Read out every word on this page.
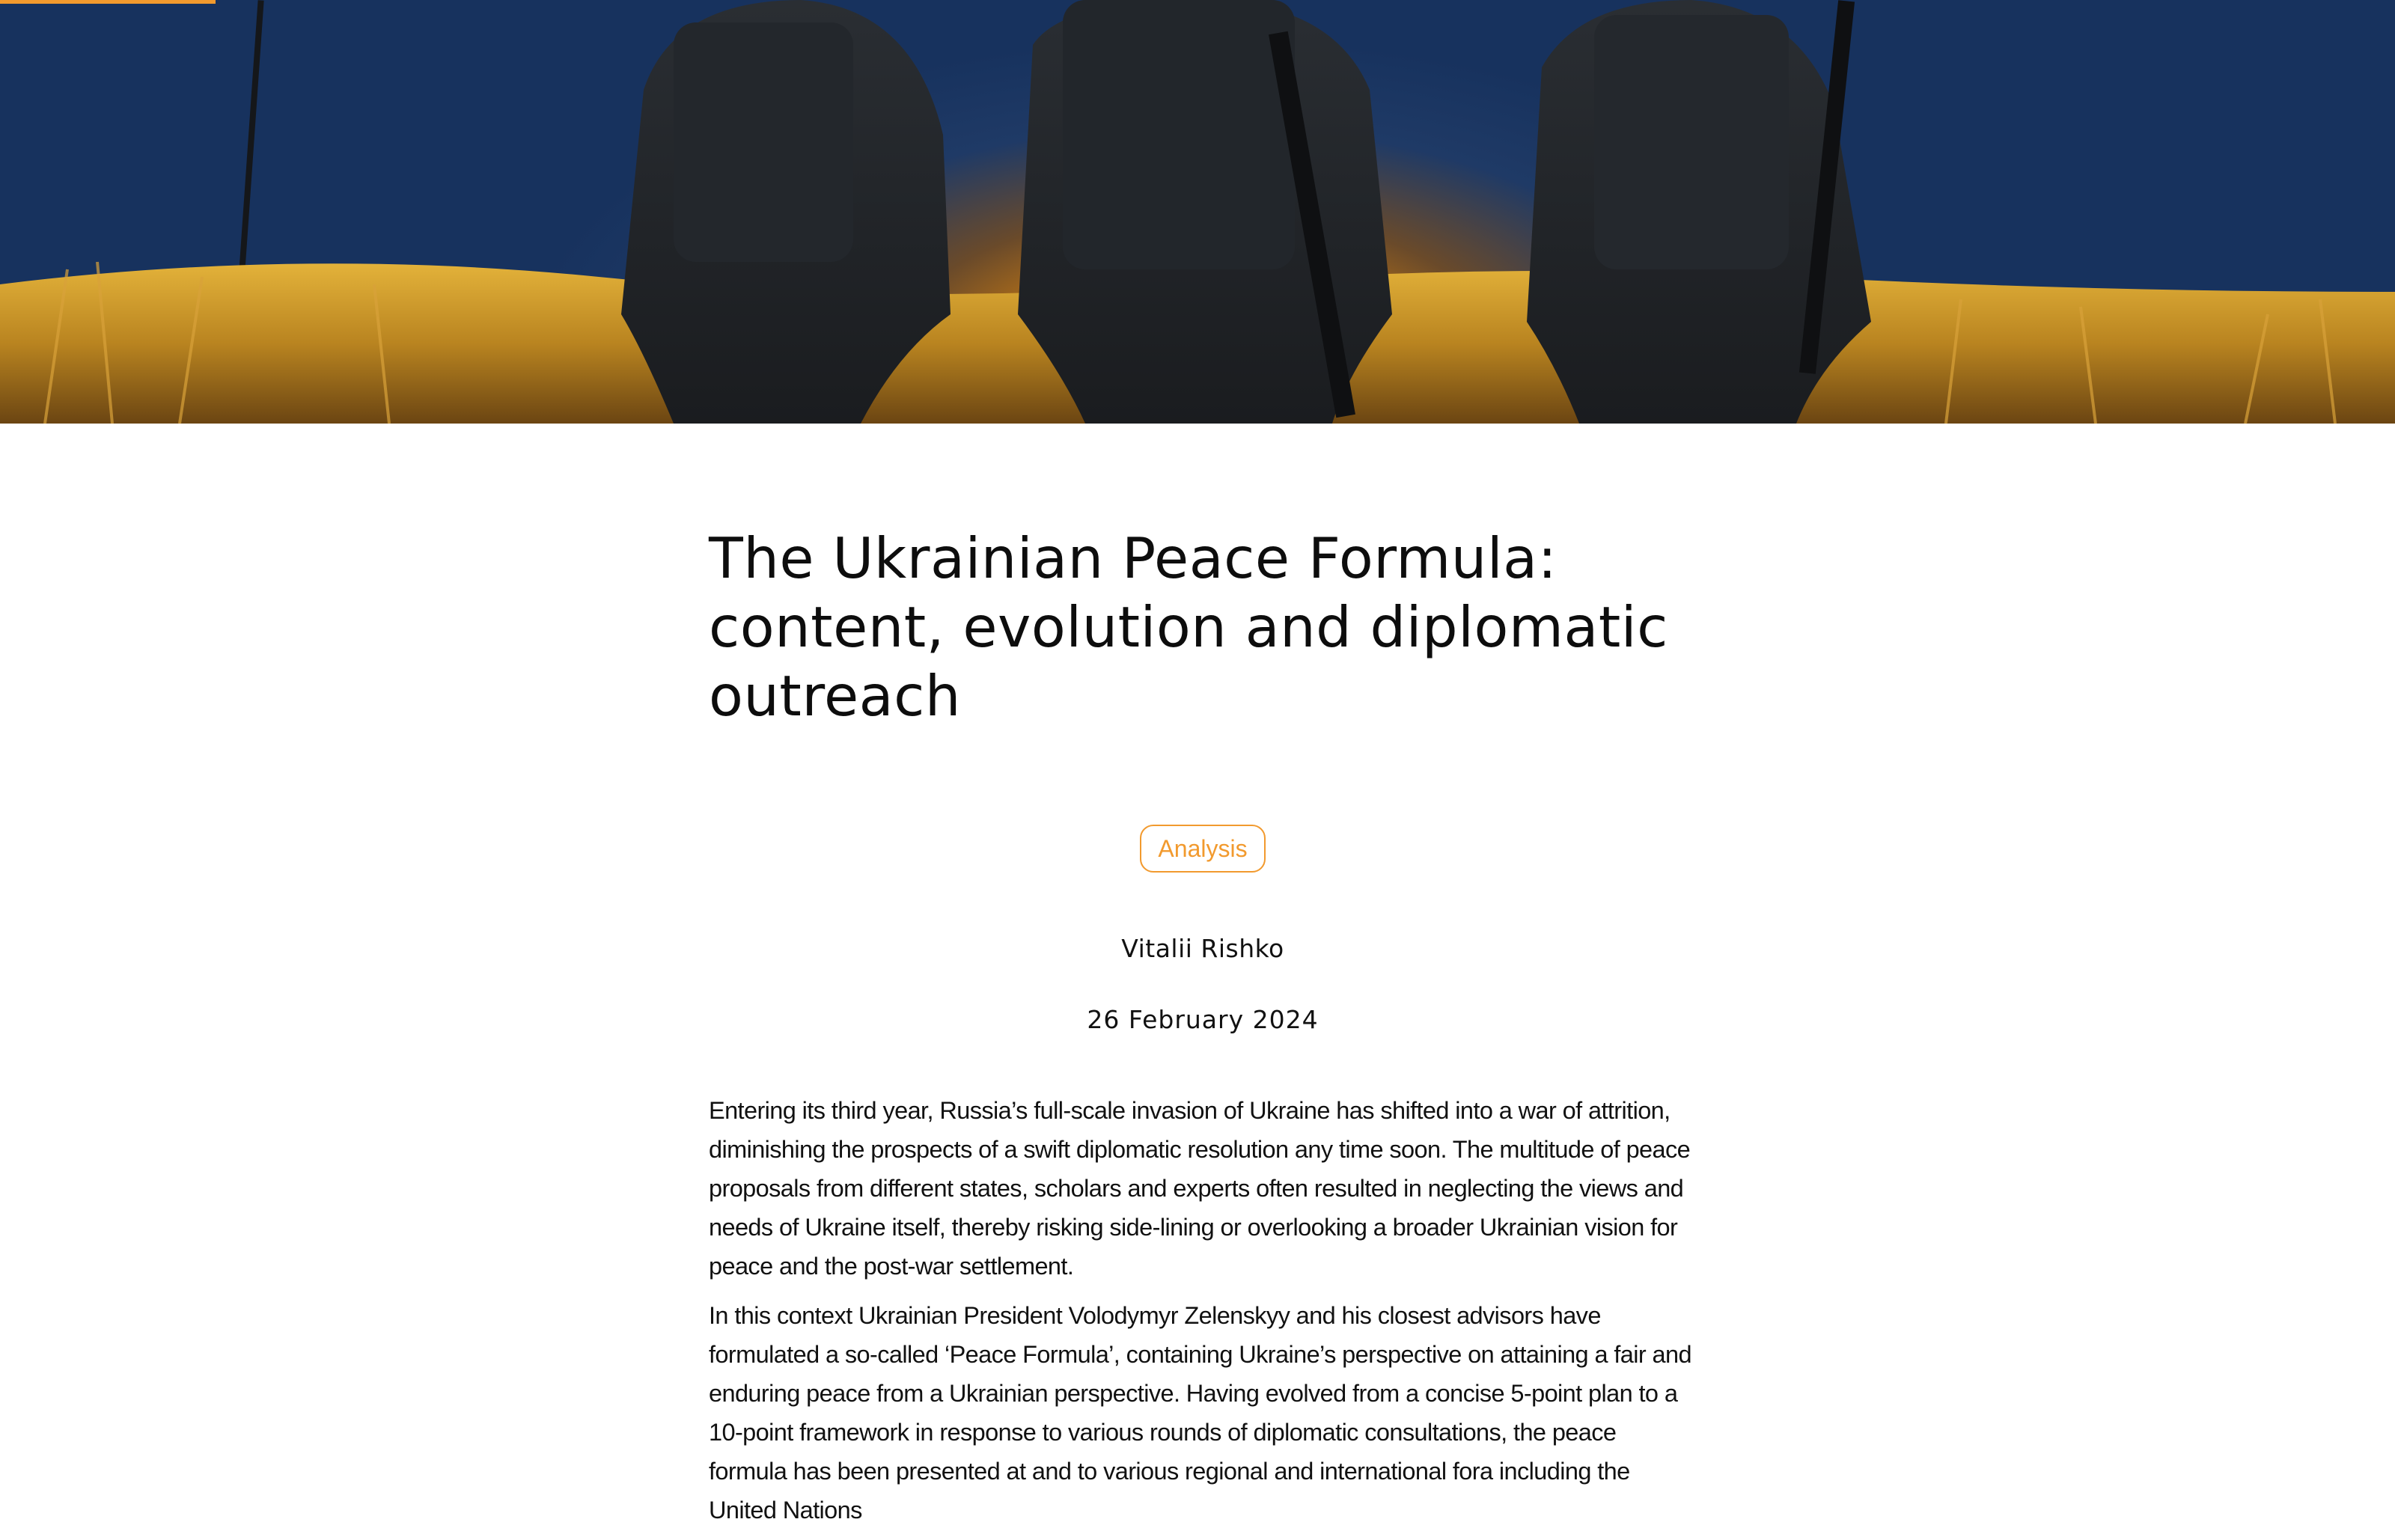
The Ukrainian Peace Formula: content, evolution and diplomatic outreach
Analysis
Vitalii Rishko
26 February 2024

Entering its third year, Russia’s full-scale invasion of Ukraine has shifted into a war of attrition, diminishing the prospects of a swift diplomatic resolution any time soon. The multitude of peace proposals from different states, scholars and experts often resulted in neglecting the views and needs of Ukraine itself, thereby risking side-lining or overlooking a broader Ukrainian vision for peace and the post-war settlement.

In this context Ukrainian President Volodymyr Zelenskyy and his closest advisors have formulated a so-called ‘Peace Formula’, containing Ukraine’s perspective on attaining a fair and enduring peace from a Ukrainian perspective. Having evolved from a concise 5-point plan to a 10-point framework in response to various rounds of diplomatic consultations, the peace formula has been presented at and to various regional and international fora including the United Nations
